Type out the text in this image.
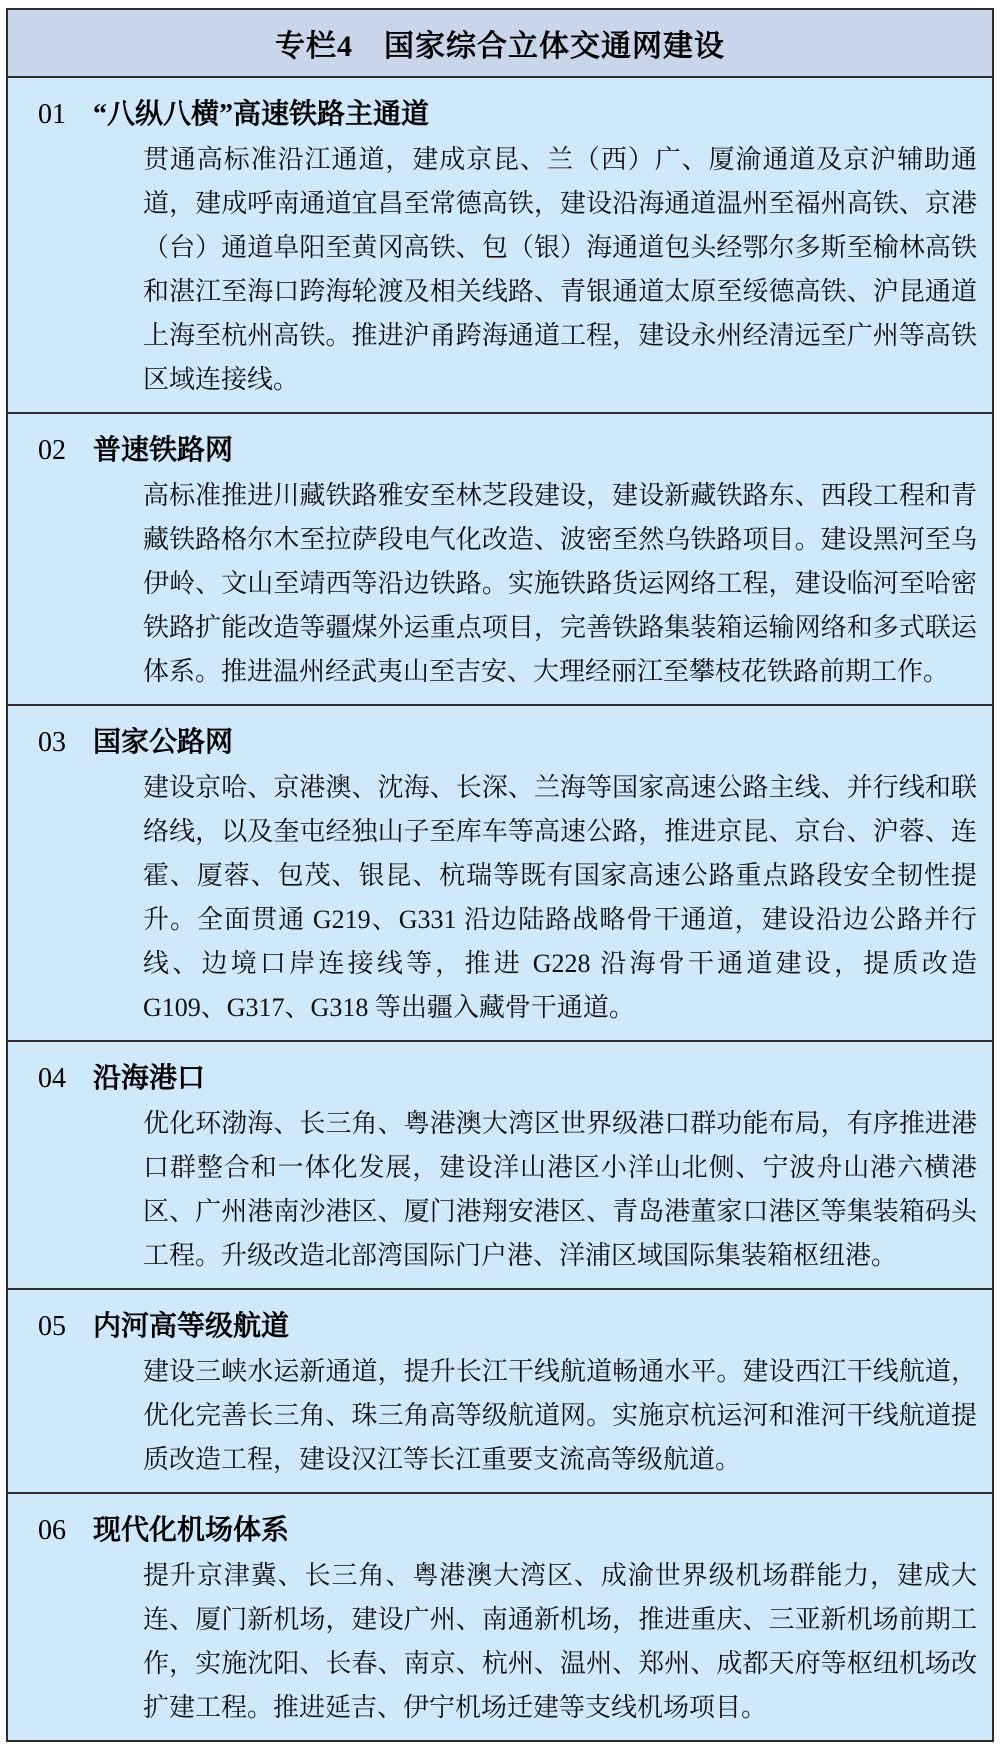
专栏4　国家综合立体交通网建设
01 “八纵八横”高速铁路主通道

贯通高标准沿江通道，建成京昆、兰（西）广、厦渝通道及京沪辅助通道，建成呼南通道宜昌至常德高铁，建设沿海通道温州至福州高铁、京港（台）通道阜阳至黄冈高铁、包（银）海通道包头经鄂尔多斯至榆林高铁和湛江至海口跨海轮渡及相关线路、青银通道太原至绥德高铁、沪昆通道上海至杭州高铁。推进沪甬跨海通道工程，建设永州经清远至广州等高铁区域连接线。

02 普速铁路网

高标准推进川藏铁路雅安至林芝段建设，建设新藏铁路东、西段工程和青藏铁路格尔木至拉萨段电气化改造、波密至然乌铁路项目。建设黑河至乌伊岭、文山至靖西等沿边铁路。实施铁路货运网络工程，建设临河至哈密铁路扩能改造等疆煤外运重点项目，完善铁路集装箱运输网络和多式联运体系。推进温州经武夷山至吉安、大理经丽江至攀枝花铁路前期工作。

03 国家公路网

建设京哈、京港澳、沈海、长深、兰海等国家高速公路主线、并行线和联络线，以及奎屯经独山子至库车等高速公路，推进京昆、京台、沪蓉、连霍、厦蓉、包茂、银昆、杭瑞等既有国家高速公路重点路段安全韧性提升。全面贯通 G219、G331 沿边陆路战略骨干通道，建设沿边公路并行线、边境口岸连接线等，推进 G228 沿海骨干通道建设，提质改造 G109、G317、G318 等出疆入藏骨干通道。

04 沿海港口

优化环渤海、长三角、粤港澳大湾区世界级港口群功能布局，有序推进港口群整合和一体化发展，建设洋山港区小洋山北侧、宁波舟山港六横港区、广州港南沙港区、厦门港翔安港区、青岛港董家口港区等集装箱码头工程。升级改造北部湾国际门户港、洋浦区域国际集装箱枢纽港。

05 内河高等级航道

建设三峡水运新通道，提升长江干线航道畅通水平。建设西江干线航道，优化完善长三角、珠三角高等级航道网。实施京杭运河和淮河干线航道提质改造工程，建设汉江等长江重要支流高等级航道。

06 现代化机场体系

提升京津冀、长三角、粤港澳大湾区、成渝世界级机场群能力，建成大连、厦门新机场，建设广州、南通新机场，推进重庆、三亚新机场前期工作，实施沈阳、长春、南京、杭州、温州、郑州、成都天府等枢纽机场改扩建工程。推进延吉、伊宁机场迁建等支线机场项目。
